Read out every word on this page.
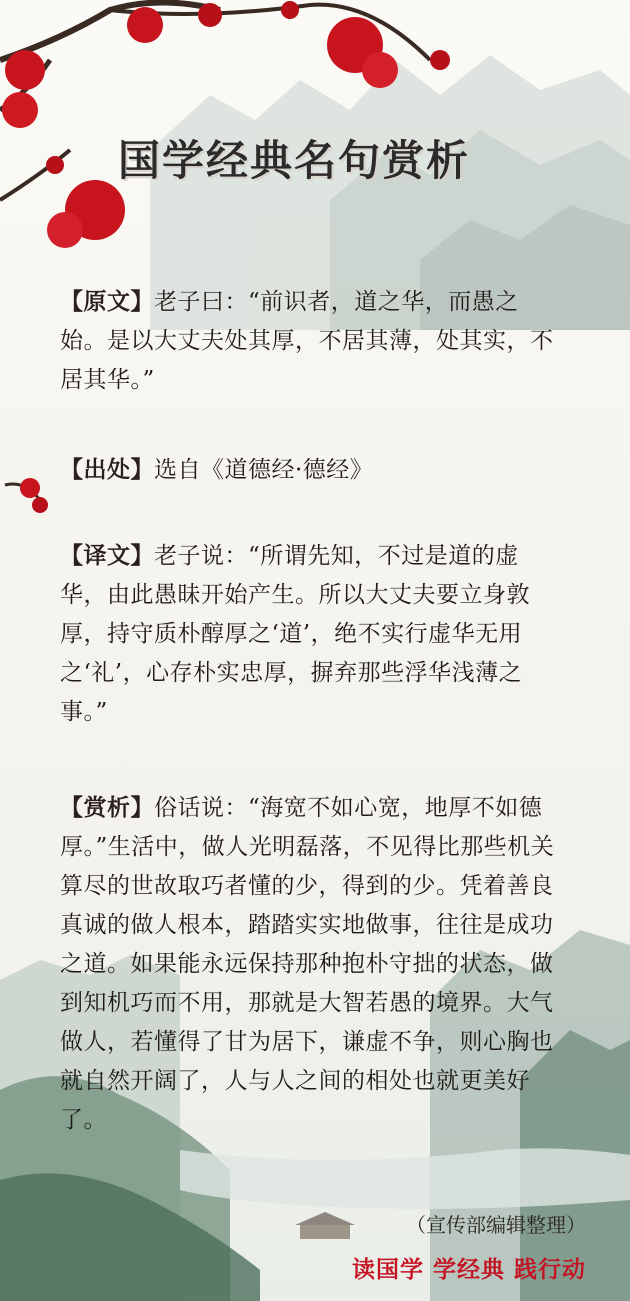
国学经典名句赏析
【原文】老子曰：“前识者，道之华，而愚之始。是以大丈夫处其厚，不居其薄，处其实，不居其华。”
【出处】选自《道德经·德经》
【译文】老子说：“所谓先知，不过是道的虚华，由此愚昧开始产生。所以大丈夫要立身敦厚，持守质朴醇厚之‘道’，绝不实行虚华无用之‘礼’，心存朴实忠厚，摒弃那些浮华浅薄之事。”
【赏析】俗话说：“海宽不如心宽，地厚不如德厚。”生活中，做人光明磊落，不见得比那些机关算尽的世故取巧者懂的少，得到的少。凭着善良真诚的做人根本，踏踏实实地做事，往往是成功之道。如果能永远保持那种抱朴守拙的状态，做到知机巧而不用，那就是大智若愚的境界。大气做人，若懂得了甘为居下，谦虚不争，则心胸也就自然开阔了，人与人之间的相处也就更美好了。
（宣传部编辑整理）
读国学 学经典 践行动
